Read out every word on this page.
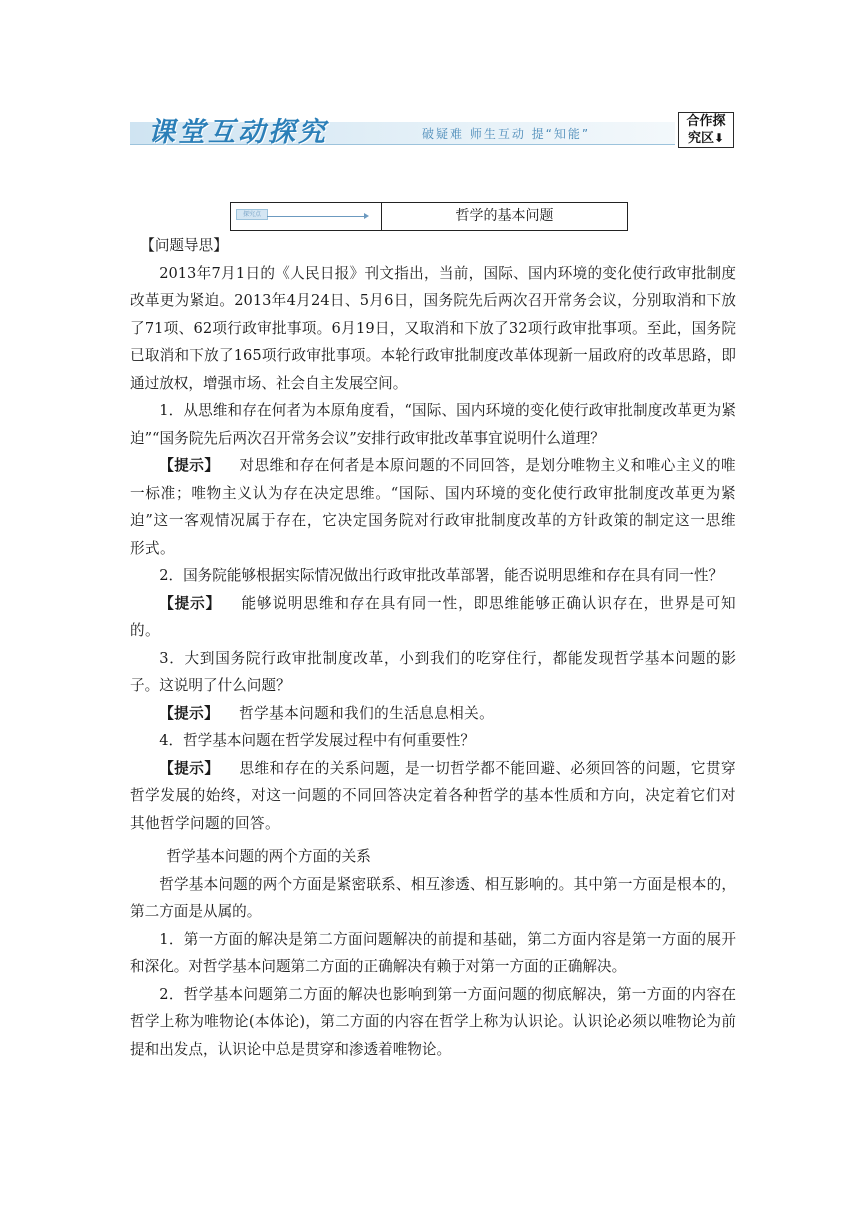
课堂互动探究	破疑难 师生互动 提“知能”
合作探
究区⬇
探究点	哲学的基本问题

【问题导思】

2013年7月1日的《人民日报》刊文指出，当前，国际、国内环境的变化使行政审批制度改革更为紧迫。2013年4月24日、5月6日，国务院先后两次召开常务会议，分别取消和下放了71项、62项行政审批事项。6月19日，又取消和下放了32项行政审批事项。至此，国务院已取消和下放了165项行政审批事项。本轮行政审批制度改革体现新一届政府的改革思路，即通过放权，增强市场、社会自主发展空间。

1．从思维和存在何者为本原角度看，“国际、国内环境的变化使行政审批制度改革更为紧迫”“国务院先后两次召开常务会议”安排行政审批改革事宜说明什么道理？

【提示】 对思维和存在何者是本原问题的不同回答，是划分唯物主义和唯心主义的唯一标准；唯物主义认为存在决定思维。“国际、国内环境的变化使行政审批制度改革更为紧迫”这一客观情况属于存在，它决定国务院对行政审批制度改革的方针政策的制定这一思维形式。

2．国务院能够根据实际情况做出行政审批改革部署，能否说明思维和存在具有同一性？

【提示】 能够说明思维和存在具有同一性，即思维能够正确认识存在，世界是可知的。

3．大到国务院行政审批制度改革，小到我们的吃穿住行，都能发现哲学基本问题的影子。这说明了什么问题？

【提示】 哲学基本问题和我们的生活息息相关。

4．哲学基本问题在哲学发展过程中有何重要性？

【提示】 思维和存在的关系问题，是一切哲学都不能回避、必须回答的问题，它贯穿哲学发展的始终，对这一问题的不同回答决定着各种哲学的基本性质和方向，决定着它们对其他哲学问题的回答。

哲学基本问题的两个方面的关系

哲学基本问题的两个方面是紧密联系、相互渗透、相互影响的。其中第一方面是根本的，第二方面是从属的。

1．第一方面的解决是第二方面问题解决的前提和基础，第二方面内容是第一方面的展开和深化。对哲学基本问题第二方面的正确解决有赖于对第一方面的正确解决。

2．哲学基本问题第二方面的解决也影响到第一方面问题的彻底解决，第一方面的内容在哲学上称为唯物论(本体论)，第二方面的内容在哲学上称为认识论。认识论必须以唯物论为前提和出发点，认识论中总是贯穿和渗透着唯物论。
